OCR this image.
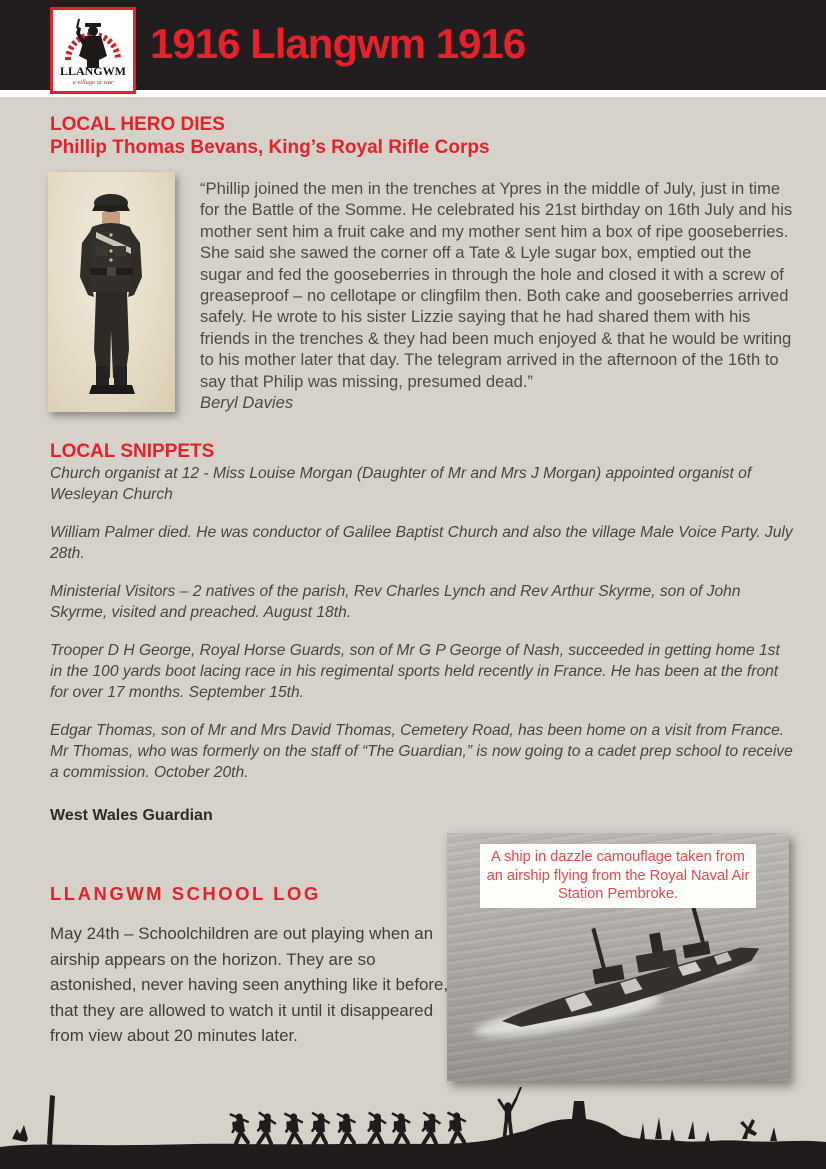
LLANGWM
a village at war
1916 Llangwm 1916
LOCAL HERO DIES
Phillip Thomas Bevans, King’s Royal Rifle Corps
“Phillip joined the men in the trenches at Ypres in the middle of July, just in time for the Battle of the Somme. He celebrated his 21st birthday on 16th July and his mother sent him a fruit cake and my mother sent him a box of ripe gooseberries. She said she sawed the corner off a Tate & Lyle sugar box, emptied out the sugar and fed the gooseberries in through the hole and closed it with a screw of greaseproof – no cellotape or clingfilm then. Both cake and gooseberries arrived safely. He wrote to his sister Lizzie saying that he had shared them with his friends in the trenches & they had been much enjoyed & that he would be writing to his mother later that day. The telegram arrived in the afternoon of the 16th to say that Philip was missing, presumed dead.”
Beryl Davies
LOCAL SNIPPETS

Church organist at 12 - Miss Louise Morgan (Daughter of Mr and Mrs J Morgan) appointed organist of Wesleyan Church

William Palmer died. He was conductor of Galilee Baptist Church and also the village Male Voice Party. July 28th.

Ministerial Visitors – 2 natives of the parish, Rev Charles Lynch and Rev Arthur Skyrme, son of John Skyrme, visited and preached. August 18th.

Trooper D H George, Royal Horse Guards, son of Mr G P George of Nash, succeeded in getting home 1st in the 100 yards boot lacing race in his regimental sports held recently in France. He has been at the front for over 17 months. September 15th.

Edgar Thomas, son of Mr and Mrs David Thomas, Cemetery Road, has been home on a visit from France. Mr Thomas, who was formerly on the staff of “The Guardian,” is now going to a cadet prep school to receive a commission. October 20th.

West Wales Guardian
A ship in dazzle camouflage taken from an airship flying from the Royal Naval Air Station Pembroke.
LLANGWM SCHOOL LOG
May 24th – Schoolchildren are out playing when an airship appears on the horizon. They are so astonished, never having seen anything like it before, that they are allowed to watch it until it disappeared from view about 20 minutes later.
